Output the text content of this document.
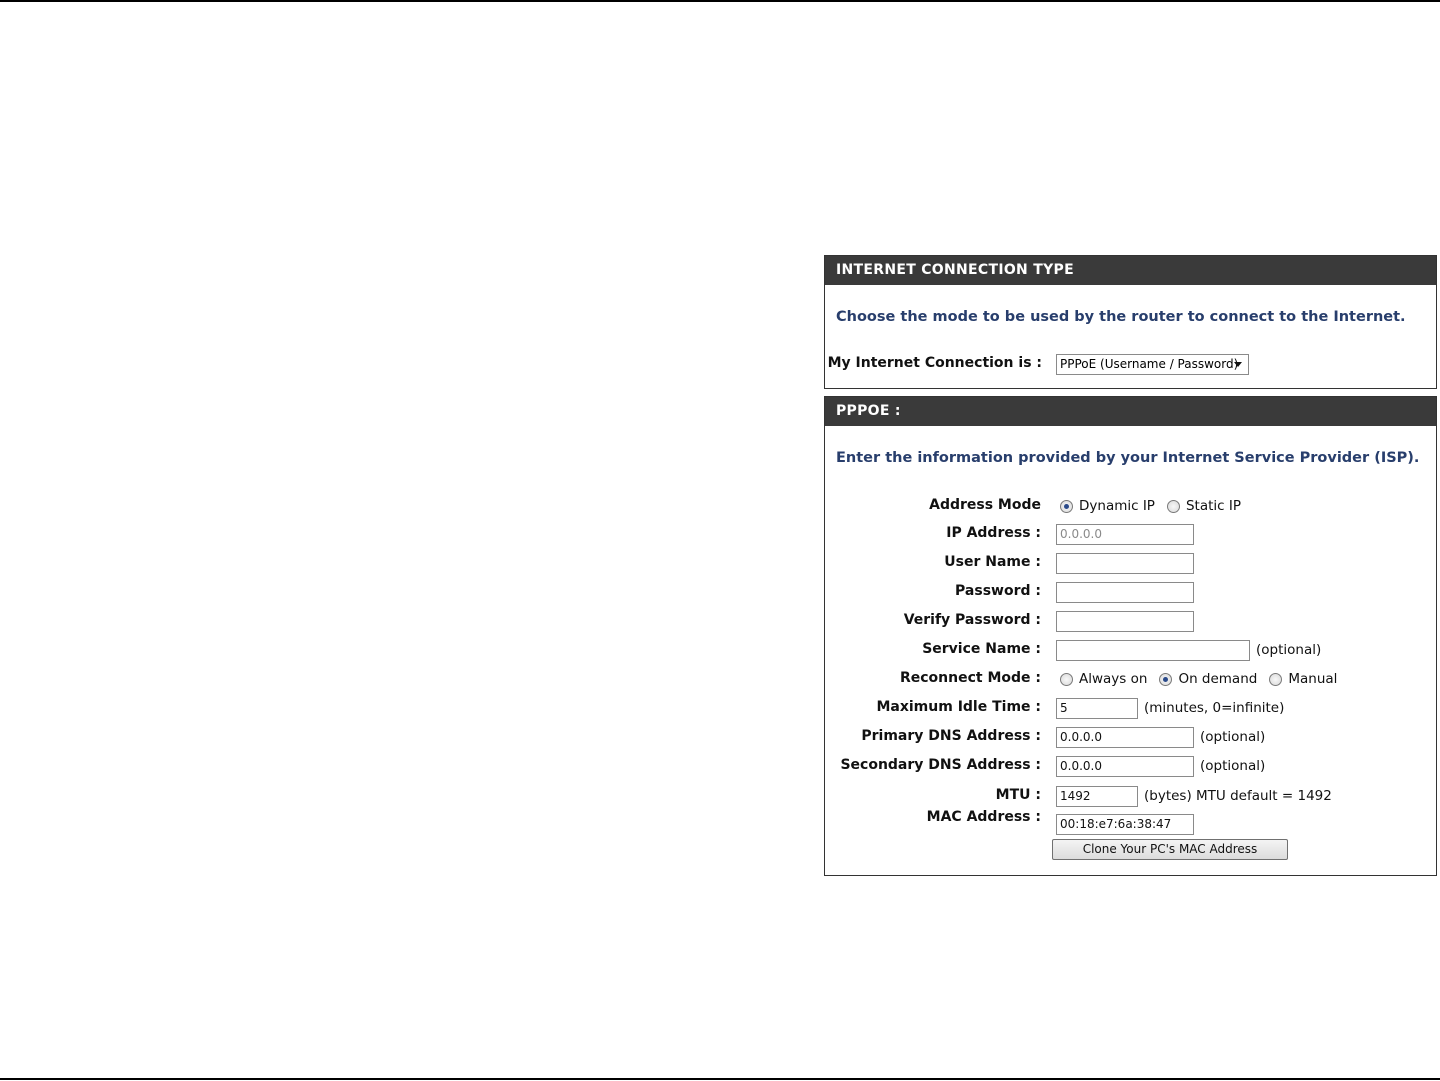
INTERNET CONNECTION TYPE
Choose the mode to be used by the router to connect to the Internet.
My Internet Connection is : PPPoE (Username / Password)
PPPOE :
Enter the information provided by your Internet Service Provider (ISP).
Address Mode	Dynamic IP Static IP
IP Address :
0.0.0.0
User Name :
Password :
Verify Password :
Service Name :	(optional)
Reconnect Mode :	Always on On demand Manual
Maximum Idle Time :
5	(minutes, 0=infinite)
Primary DNS Address :
0.0.0.0	(optional)
Secondary DNS Address :
0.0.0.0	(optional)
MTU :
1492	(bytes) MTU default = 1492
MAC Address :
00:18:e7:6a:38:47
Clone Your PC's MAC Address
